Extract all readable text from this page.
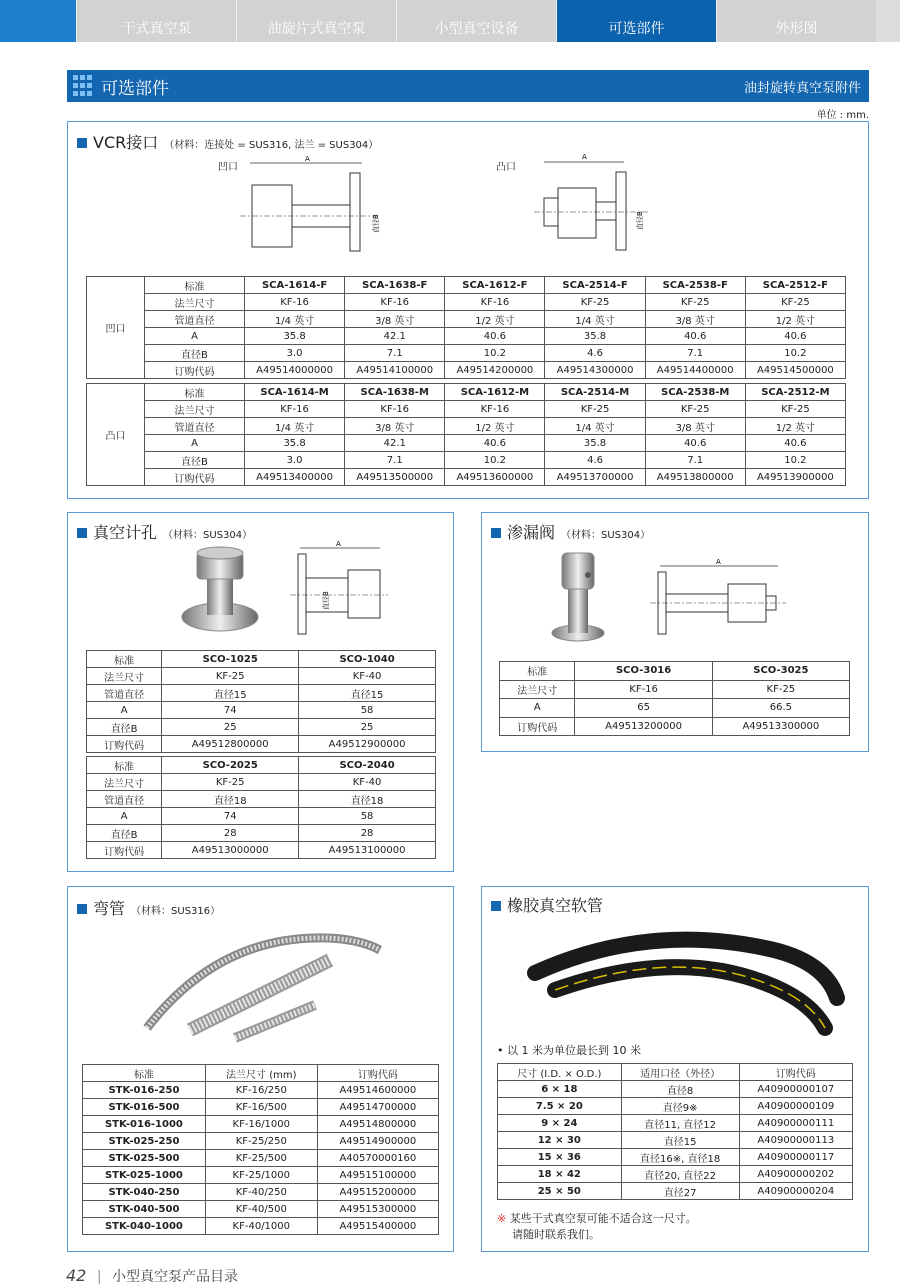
干式真空泵	油旋片式真空泵	小型真空设备	可选部件	外形图
可选部件	油封旋转真空泵附件
单位 : mm.
VCR接口 （材料：连接处 = SUS316, 法兰 = SUS304）
凹口	凸口
A
直径B
A
直径B
凹口	标准	SCA-1614-F	SCA-1638-F	SCA-1612-F	SCA-2514-F	SCA-2538-F	SCA-2512-F
	法兰尺寸	KF-16	KF-16	KF-16	KF-25	KF-25	KF-25
	管道直径	1/4 英寸	3/8 英寸	1/2 英寸	1/4 英寸	3/8 英寸	1/2 英寸
	A	35.8	42.1	40.6	35.8	40.6	40.6
	直径B	3.0	7.1	10.2	4.6	7.1	10.2
	订购代码	A49514000000	A49514100000	A49514200000	A49514300000	A49514400000	A49514500000
凸口	标准	SCA-1614-M	SCA-1638-M	SCA-1612-M	SCA-2514-M	SCA-2538-M	SCA-2512-M
	法兰尺寸	KF-16	KF-16	KF-16	KF-25	KF-25	KF-25
	管道直径	1/4 英寸	3/8 英寸	1/2 英寸	1/4 英寸	3/8 英寸	1/2 英寸
	A	35.8	42.1	40.6	35.8	40.6	40.6
	直径B	3.0	7.1	10.2	4.6	7.1	10.2
	订购代码	A49513400000	A49513500000	A49513600000	A49513700000	A49513800000	A49513900000
真空计孔 （材料：SUS304）
A
直径B
标准	SCO-1025	SCO-1040
法兰尺寸	KF-25	KF-40
管道直径	直径15	直径15
A	74	58
直径B	25	25
订购代码	A49512800000	A49512900000
标准	SCO-2025	SCO-2040
法兰尺寸	KF-25	KF-40
管道直径	直径18	直径18
A	74	58
直径B	28	28
订购代码	A49513000000	A49513100000
渗漏阀 （材料：SUS304）
A
标准	SCO-3016	SCO-3025
法兰尺寸	KF-16	KF-25
A	65	66.5
订购代码	A49513200000	A49513300000
弯管 （材料：SUS316）
标准	法兰尺寸 (mm)	订购代码
STK-016-250	KF-16/250	A49514600000
STK-016-500	KF-16/500	A49514700000
STK-016-1000	KF-16/1000	A49514800000
STK-025-250	KF-25/250	A49514900000
STK-025-500	KF-25/500	A40570000160
STK-025-1000	KF-25/1000	A49515100000
STK-040-250	KF-40/250	A49515200000
STK-040-500	KF-40/500	A49515300000
STK-040-1000	KF-40/1000	A49515400000
橡胶真空软管
• 以 1 米为单位最长到 10 米
尺寸 (I.D. × O.D.)	适用口径（外径）	订购代码
6 × 18	直径8	A40900000107
7.5 × 20	直径9※	A40900000109
9 × 24	直径11, 直径12	A40900000111
12 × 30	直径15	A40900000113
15 × 36	直径16※, 直径18	A40900000117
18 × 42	直径20, 直径22	A40900000202
25 × 50	直径27	A40900000204
※ 某些干式真空泵可能不适合这一尺寸。
请随时联系我们。
42 | 小型真空泵产品目录
